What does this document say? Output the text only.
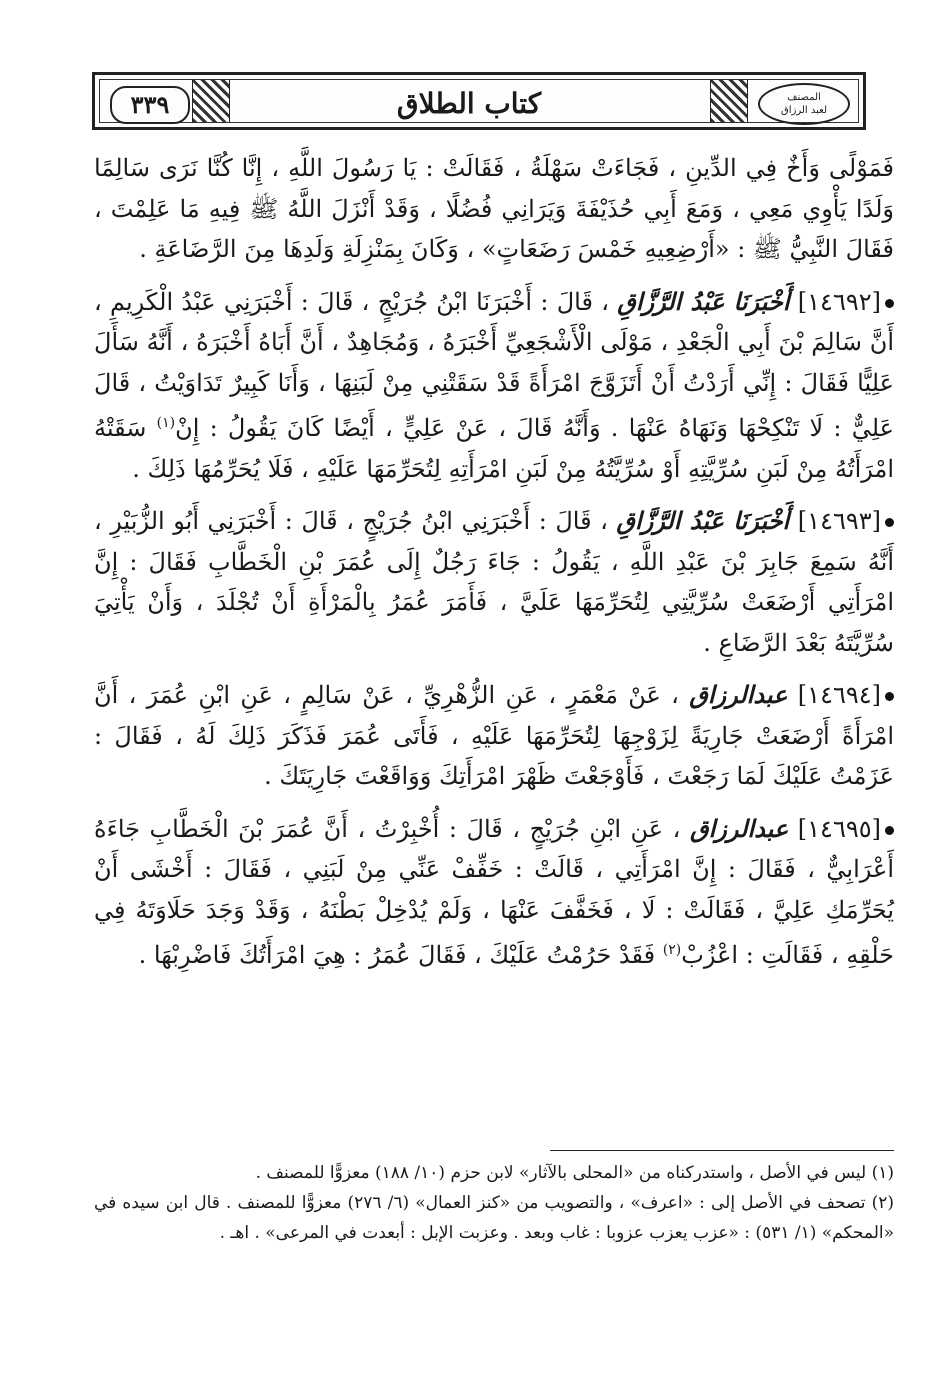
٣٣٩	كتاب الطلاق	المصنف
لعبد الرزاق

فَمَوْلًى وَأَخٌ فِي الدِّينِ ، فَجَاءَتْ سَهْلَةُ ، فَقَالَتْ : يَا رَسُولَ اللَّهِ ، إِنَّا كُنَّا نَرَى سَالِمًا وَلَدًا يَأْوِي مَعِي ، وَمَعَ أَبِي حُذَيْفَةَ وَيَرَانِي فُضُلًا ، وَقَدْ أَنْزَلَ اللَّهُ ﷺ فِيهِ مَا عَلِمْتَ ، فَقَالَ النَّبِيُّ ﷺ : «أَرْضِعِيهِ خَمْسَ رَضَعَاتٍ» ، وَكَانَ بِمَنْزِلَةِ وَلَدِهَا مِنَ الرَّضَاعَةِ .

[١٤٦٩٢] أَخْبَرَنَا عَبْدُ الرَّزَّاقِ ، قَالَ : أَخْبَرَنَا ابْنُ جُرَيْجٍ ، قَالَ : أَخْبَرَنِي عَبْدُ الْكَرِيمِ ، أَنَّ سَالِمَ بْنَ أَبِي الْجَعْدِ ، مَوْلَى الْأَشْجَعِيِّ أَخْبَرَهُ ، وَمُجَاهِدٌ ، أَنَّ أَبَاهُ أَخْبَرَهُ ، أَنَّهُ سَأَلَ عَلِيًّا فَقَالَ : إِنِّي أَرَدْتُ أَنْ أَتَزَوَّجَ امْرَأَةً قَدْ سَقَتْنِي مِنْ لَبَنِهَا ، وَأَنَا كَبِيرٌ تَدَاوَيْتُ ، قَالَ عَلِيٌّ : لَا تَنْكِحْهَا وَنَهَاهُ عَنْهَا . وَأَنَّهُ قَالَ ، عَنْ عَلِيٍّ ، أَيْضًا كَانَ يَقُولُ : إِنْ$^{(١)}$ سَقَتْهُ امْرَأَتُهُ مِنْ لَبَنِ سُرِّيَّتِهِ أَوْ سُرِّيَّتُهُ مِنْ لَبَنِ امْرَأَتِهِ لِتُحَرِّمَهَا عَلَيْهِ ، فَلَا يُحَرِّمُهَا ذَلِكَ .

[١٤٦٩٣] أَخْبَرَنَا عَبْدُ الرَّزَّاقِ ، قَالَ : أَخْبَرَنِي ابْنُ جُرَيْجٍ ، قَالَ : أَخْبَرَنِي أَبُو الزُّبَيْرِ ، أَنَّهُ سَمِعَ جَابِرَ بْنَ عَبْدِ اللَّهِ ، يَقُولُ : جَاءَ رَجُلٌ إِلَى عُمَرَ بْنِ الْخَطَّابِ فَقَالَ : إِنَّ امْرَأَتِي أَرْضَعَتْ سُرِّيَّتِي لِتُحَرِّمَهَا عَلَيَّ ، فَأَمَرَ عُمَرُ بِالْمَرْأَةِ أَنْ تُجْلَدَ ، وَأَنْ يَأْتِيَ سُرِّيَّتَهُ بَعْدَ الرَّضَاعِ .

[١٤٦٩٤] عبدالرزاق ، عَنْ مَعْمَرٍ ، عَنِ الزُّهْرِيِّ ، عَنْ سَالِمٍ ، عَنِ ابْنِ عُمَرَ ، أَنَّ امْرَأَةً أَرْضَعَتْ جَارِيَةً لِزَوْجِهَا لِتُحَرِّمَهَا عَلَيْهِ ، فَأَتَى عُمَرَ فَذَكَرَ ذَلِكَ لَهُ ، فَقَالَ : عَزَمْتُ عَلَيْكَ لَمَا رَجَعْتَ ، فَأَوْجَعْتَ ظَهْرَ امْرَأَتِكَ وَوَاقَعْتَ جَارِيَتَكَ .

[١٤٦٩٥] عبدالرزاق ، عَنِ ابْنِ جُرَيْجٍ ، قَالَ : أُخْبِرْتُ ، أَنَّ عُمَرَ بْنَ الْخَطَّابِ جَاءَهُ أَعْرَابِيٌّ ، فَقَالَ : إِنَّ امْرَأَتِي ، قَالَتْ : خَفِّفْ عَنِّي مِنْ لَبَنِي ، فَقَالَ : أَخْشَى أَنْ يُحَرِّمَكِ عَلِيَّ ، فَقَالَتْ : لَا ، فَخَفَّفَ عَنْهَا ، وَلَمْ يُدْخِلْ بَطْنَهُ ، وَقَدْ وَجَدَ حَلَاوَتَهُ فِي حَلْقِهِ ، فَقَالَتِ : اعْزُبْ$^{(٢)}$ فَقَدْ حَرُمْتُ عَلَيْكَ ، فَقَالَ عُمَرُ : هِيَ امْرَأَتُكَ فَاضْرِبْهَا .

(١) ليس في الأصل ، واستدركناه من «المحلى بالآثار» لابن حزم (١٠/ ١٨٨) معزوًّا للمصنف .

(٢) تصحف في الأصل إلى : «اعرف» ، والتصويب من «كنز العمال» (٦/ ٢٧٦) معزوًّا للمصنف . قال ابن سيده في «المحكم» (١/ ٥٣١) : «عزب يعزب عزوبا : غاب وبعد . وعزبت الإبل : أبعدت في المرعى» . اهـ .
